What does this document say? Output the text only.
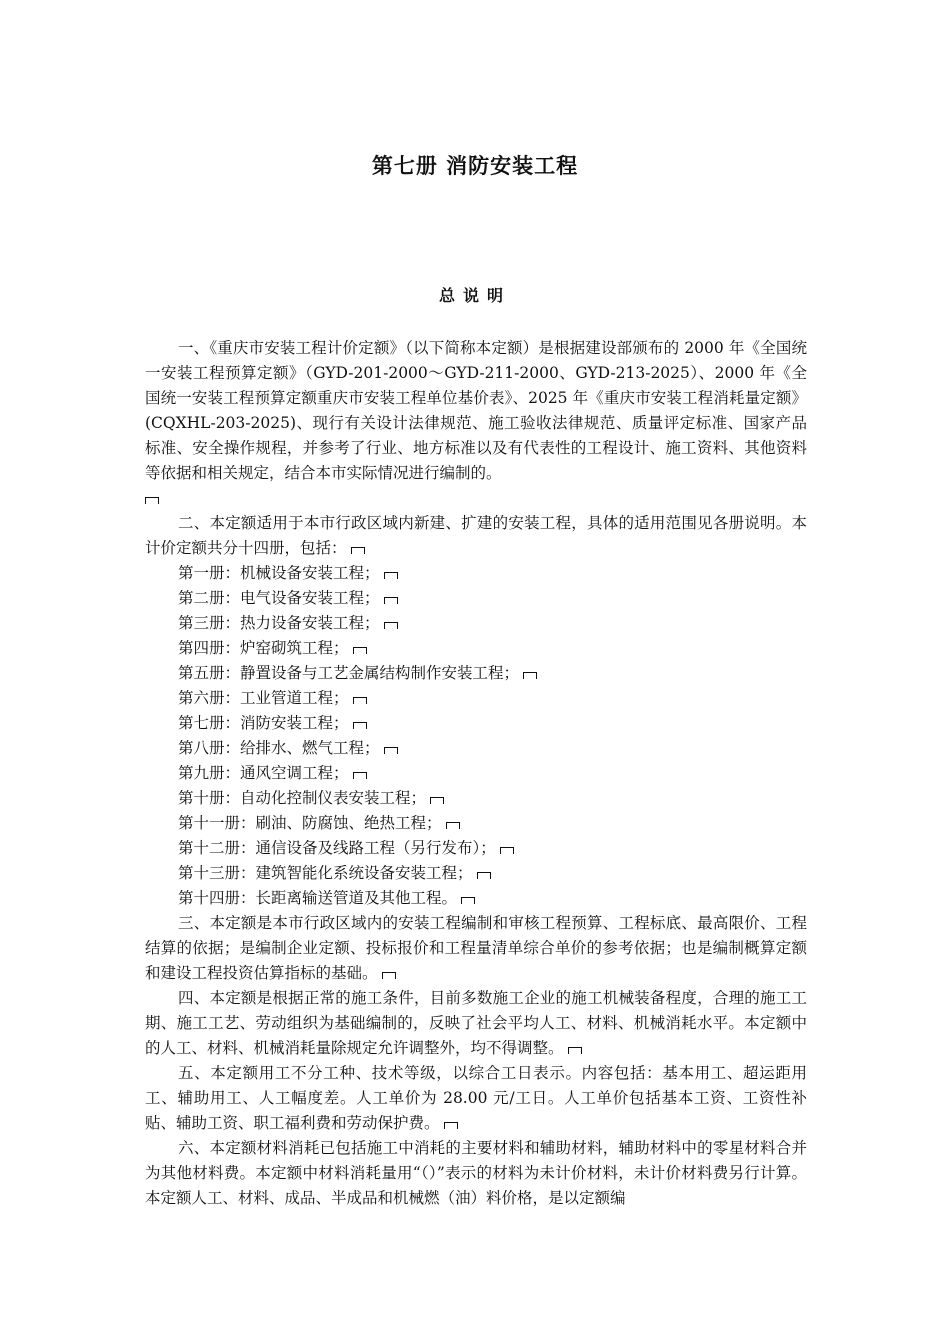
第七册 消防安装工程
总说明

一、《重庆市安装工程计价定额》（以下简称本定额）是根据建设部颁布的 2000 年《全国统一安装工程预算定额》（GYD-201-2000～GYD-211-2000、GYD-213-2025）、2000 年《全国统一安装工程预算定额重庆市安装工程单位基价表》、2025 年《重庆市安装工程消耗量定额》(CQXHL-203-2025)、现行有关设计法律规范、施工验收法律规范、质量评定标准、国家产品标准、安全操作规程，并参考了行业、地方标准以及有代表性的工程设计、施工资料、其他资料等依据和相关规定，结合本市实际情况进行编制的。

二、本定额适用于本市行政区域内新建、扩建的安装工程，具体的适用范围见各册说明。本计价定额共分十四册，包括：

第一册：机械设备安装工程；

第二册：电气设备安装工程；

第三册：热力设备安装工程；

第四册：炉窑砌筑工程；

第五册：静置设备与工艺金属结构制作安装工程；

第六册：工业管道工程；

第七册：消防安装工程；

第八册：给排水、燃气工程；

第九册：通风空调工程；

第十册：自动化控制仪表安装工程；

第十一册：刷油、防腐蚀、绝热工程；

第十二册：通信设备及线路工程（另行发布）；

第十三册：建筑智能化系统设备安装工程；

第十四册：长距离输送管道及其他工程。

三、本定额是本市行政区域内的安装工程编制和审核工程预算、工程标底、最高限价、工程结算的依据；是编制企业定额、投标报价和工程量清单综合单价的参考依据；也是编制概算定额和建设工程投资估算指标的基础。

四、本定额是根据正常的施工条件，目前多数施工企业的施工机械装备程度，合理的施工工期、施工工艺、劳动组织为基础编制的，反映了社会平均人工、材料、机械消耗水平。本定额中的人工、材料、机械消耗量除规定允许调整外，均不得调整。

五、本定额用工不分工种、技术等级，以综合工日表示。内容包括：基本用工、超运距用工、辅助用工、人工幅度差。人工单价为 28.00 元/工日。人工单价包括基本工资、工资性补贴、辅助工资、职工福利费和劳动保护费。

六、本定额材料消耗已包括施工中消耗的主要材料和辅助材料，辅助材料中的零星材料合并为其他材料费。本定额中材料消耗量用“（）”表示的材料为未计价材料，未计价材料费另行计算。本定额人工、材料、成品、半成品和机械燃（油）料价格，是以定额编
